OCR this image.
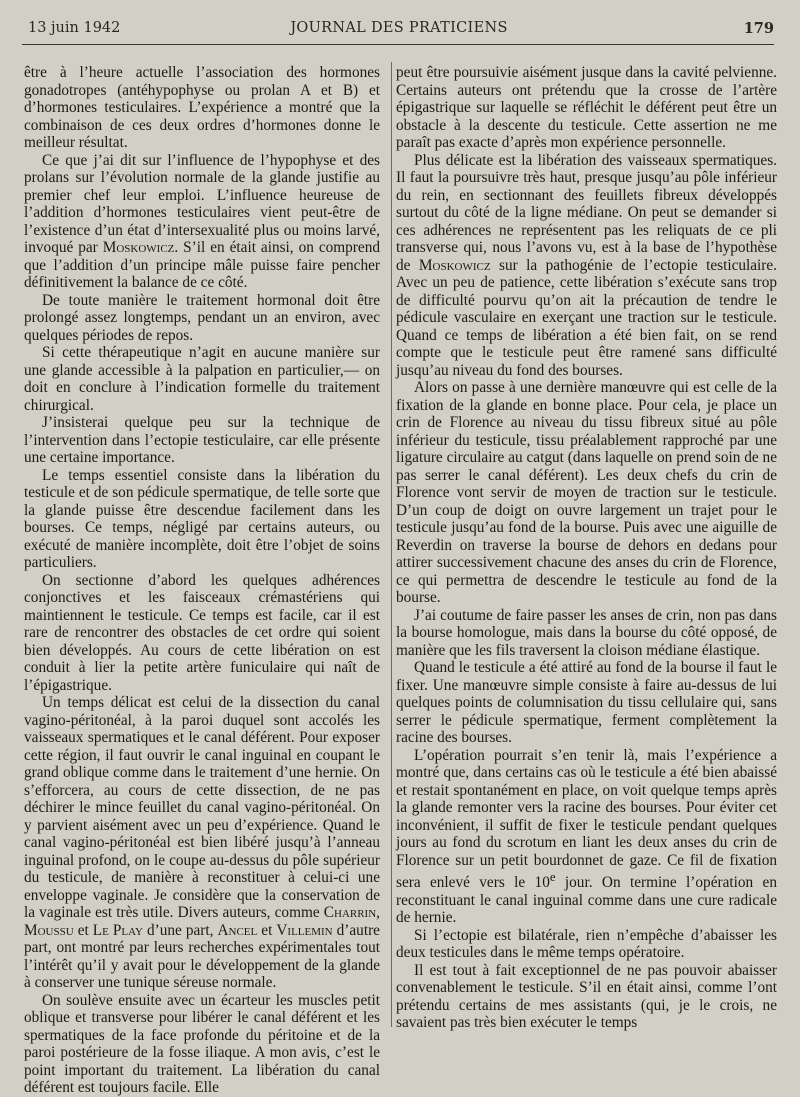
13 juin 1942	JOURNAL DES PRATICIENS	179

être à l’heure actuelle l’association des hormones gonadotropes (antéhypophyse ou prolan A et B) et d’hormones testiculaires. L’expérience a montré que la combinaison de ces deux ordres d’hormones donne le meilleur résultat.

Ce que j’ai dit sur l’influence de l’hypophyse et des prolans sur l’évolution normale de la glande justifie au premier chef leur emploi. L’influence heureuse de l’addition d’hormones testiculaires vient peut-être de l’existence d’un état d’intersexualité plus ou moins larvé, invoqué par Moskowicz. S’il en était ainsi, on comprend que l’addition d’un principe mâle puisse faire pencher définitivement la balance de ce côté.

De toute manière le traitement hormonal doit être prolongé assez longtemps, pendant un an environ, avec quelques périodes de repos.

Si cette thérapeutique n’agit en aucune manière sur une glande accessible à la palpation en particulier,— on doit en conclure à l’indication formelle du traitement chirurgical.

J’insisterai quelque peu sur la technique de l’intervention dans l’ectopie testiculaire, car elle présente une certaine importance.

Le temps essentiel consiste dans la libération du testicule et de son pédicule spermatique, de telle sorte que la glande puisse être descendue facilement dans les bourses. Ce temps, négligé par certains auteurs, ou exécuté de manière incomplète, doit être l’objet de soins particuliers.

On sectionne d’abord les quelques adhérences conjonctives et les faisceaux crémastériens qui maintiennent le testicule. Ce temps est facile, car il est rare de rencontrer des obstacles de cet ordre qui soient bien développés. Au cours de cette libération on est conduit à lier la petite artère funiculaire qui naît de l’épigastrique.

Un temps délicat est celui de la dissection du canal vagino-péritonéal, à la paroi duquel sont accolés les vaisseaux spermatiques et le canal déférent. Pour exposer cette région, il faut ouvrir le canal inguinal en coupant le grand oblique comme dans le traitement d’une hernie. On s’efforcera, au cours de cette dissection, de ne pas déchirer le mince feuillet du canal vagino-péritonéal. On y parvient aisément avec un peu d’expérience. Quand le canal vagino-péritonéal est bien libéré jusqu’à l’anneau inguinal profond, on le coupe au-dessus du pôle supérieur du testicule, de manière à reconstituer à celui-ci une enveloppe vaginale. Je considère que la conservation de la vaginale est très utile. Divers auteurs, comme Charrin, Moussu et Le Play d’une part, Ancel et Villemin d’autre part, ont montré par leurs recherches expérimentales tout l’intérêt qu’il y avait pour le développement de la glande à conserver une tunique séreuse normale.

On soulève ensuite avec un écarteur les muscles petit oblique et transverse pour libérer le canal déférent et les spermatiques de la face profonde du péritoine et de la paroi postérieure de la fosse iliaque. A mon avis, c’est le point important du traitement. La libération du canal déférent est toujours facile. Elle

peut être poursuivie aisément jusque dans la cavité pelvienne. Certains auteurs ont prétendu que la crosse de l’artère épigastrique sur laquelle se réfléchit le déférent peut être un obstacle à la descente du testicule. Cette assertion ne me paraît pas exacte d’après mon expérience personnelle.

Plus délicate est la libération des vaisseaux spermatiques. Il faut la poursuivre très haut, presque jusqu’au pôle inférieur du rein, en sectionnant des feuillets fibreux développés surtout du côté de la ligne médiane. On peut se demander si ces adhérences ne représentent pas les reliquats de ce pli transverse qui, nous l’avons vu, est à la base de l’hypothèse de Moskowicz sur la pathogénie de l’ectopie testiculaire. Avec un peu de patience, cette libération s’exécute sans trop de difficulté pourvu qu’on ait la précaution de tendre le pédicule vasculaire en exerçant une traction sur le testicule. Quand ce temps de libération a été bien fait, on se rend compte que le testicule peut être ramené sans difficulté jusqu’au niveau du fond des bourses.

Alors on passe à une dernière manœuvre qui est celle de la fixation de la glande en bonne place. Pour cela, je place un crin de Florence au niveau du tissu fibreux situé au pôle inférieur du testicule, tissu préalablement rapproché par une ligature circulaire au catgut (dans laquelle on prend soin de ne pas serrer le canal déférent). Les deux chefs du crin de Florence vont servir de moyen de traction sur le testicule. D’un coup de doigt on ouvre largement un trajet pour le testicule jusqu’au fond de la bourse. Puis avec une aiguille de Reverdin on traverse la bourse de dehors en dedans pour attirer successivement chacune des anses du crin de Florence, ce qui permettra de descendre le testicule au fond de la bourse.

J’ai coutume de faire passer les anses de crin, non pas dans la bourse homologue, mais dans la bourse du côté opposé, de manière que les fils traversent la cloison médiane élastique.

Quand le testicule a été attiré au fond de la bourse il faut le fixer. Une manœuvre simple consiste à faire au-dessus de lui quelques points de columnisation du tissu cellulaire qui, sans serrer le pédicule spermatique, ferment complètement la racine des bourses.

L’opération pourrait s’en tenir là, mais l’expérience a montré que, dans certains cas où le testicule a été bien abaissé et restait spontanément en place, on voit quelque temps après la glande remonter vers la racine des bourses. Pour éviter cet inconvénient, il suffit de fixer le testicule pendant quelques jours au fond du scrotum en liant les deux anses du crin de Florence sur un petit bourdonnet de gaze. Ce fil de fixation sera enlevé vers le 10e jour. On termine l’opération en reconstituant le canal inguinal comme dans une cure radicale de hernie.

Si l’ectopie est bilatérale, rien n’empêche d’abaisser les deux testicules dans le même temps opératoire.

Il est tout à fait exceptionnel de ne pas pouvoir abaisser convenablement le testicule. S’il en était ainsi, comme l’ont prétendu certains de mes assistants (qui, je le crois, ne savaient pas très bien exécuter le temps
